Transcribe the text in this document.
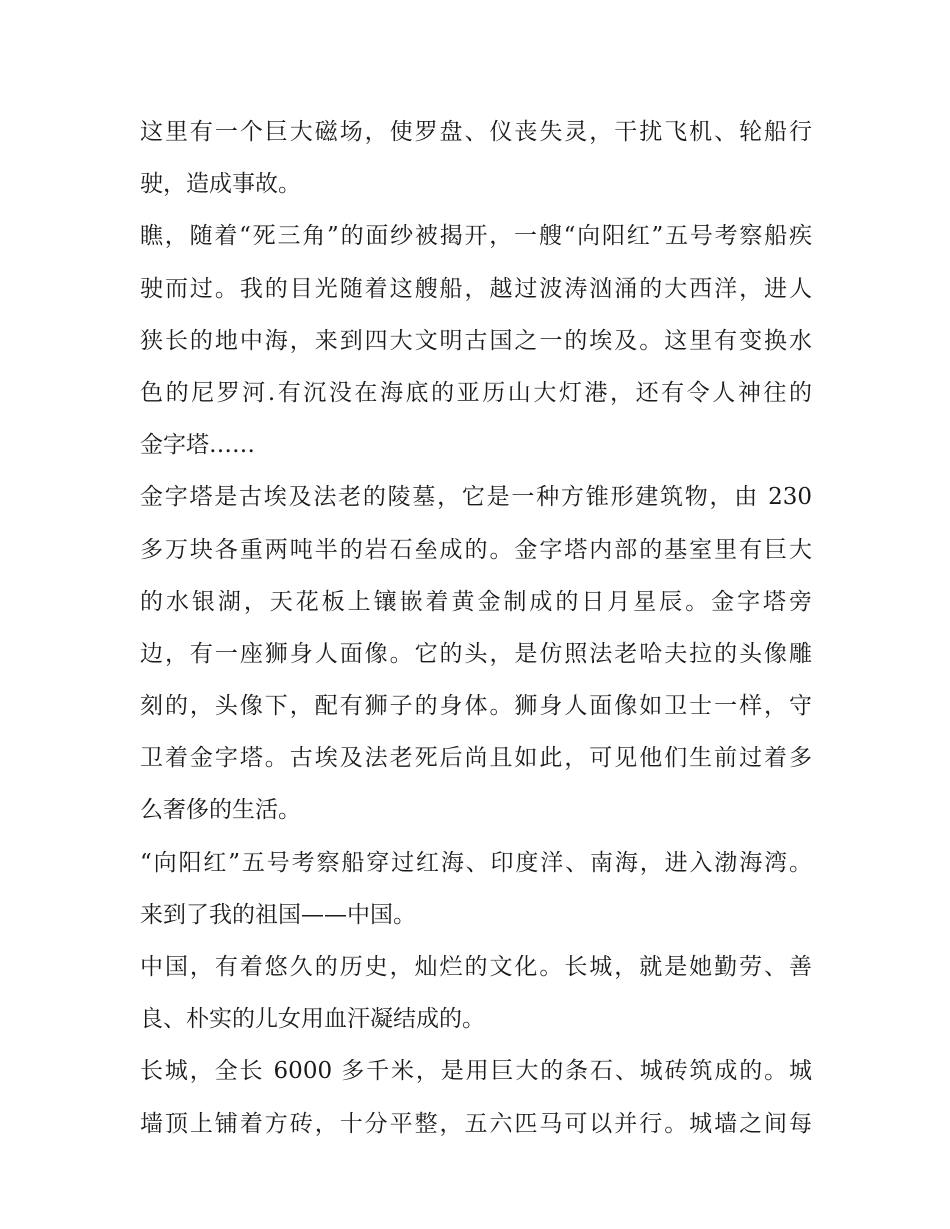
这里有一个巨大磁场，使罗盘、仪丧失灵，干扰飞机、轮船行
驶，造成事故。
瞧，随着“死三角”的面纱被揭开，一艘“向阳红”五号考察船疾
驶而过。我的目光随着这艘船，越过波涛汹涌的大西洋，进人
狭长的地中海，来到四大文明古国之一的埃及。这里有变换水
色的尼罗河.有沉没在海底的亚历山大灯港，还有令人神往的
金字塔……
金字塔是古埃及法老的陵墓，它是一种方锥形建筑物，由 230
多万块各重两吨半的岩石垒成的。金字塔内部的基室里有巨大
的水银湖，天花板上镶嵌着黄金制成的日月星辰。金字塔旁
边，有一座狮身人面像。它的头，是仿照法老哈夫拉的头像雕
刻的，头像下，配有狮子的身体。狮身人面像如卫士一样，守
卫着金字塔。古埃及法老死后尚且如此，可见他们生前过着多
么奢侈的生活。
“向阳红”五号考察船穿过红海、印度洋、南海，进入渤海湾。
来到了我的祖国——中国。
中国，有着悠久的历史，灿烂的文化。长城，就是她勤劳、善
良、朴实的儿女用血汗凝结成的。
长城，全长 6000 多千米，是用巨大的条石、城砖筑成的。城
墙顶上铺着方砖，十分平整，五六匹马可以并行。城墙之间每
